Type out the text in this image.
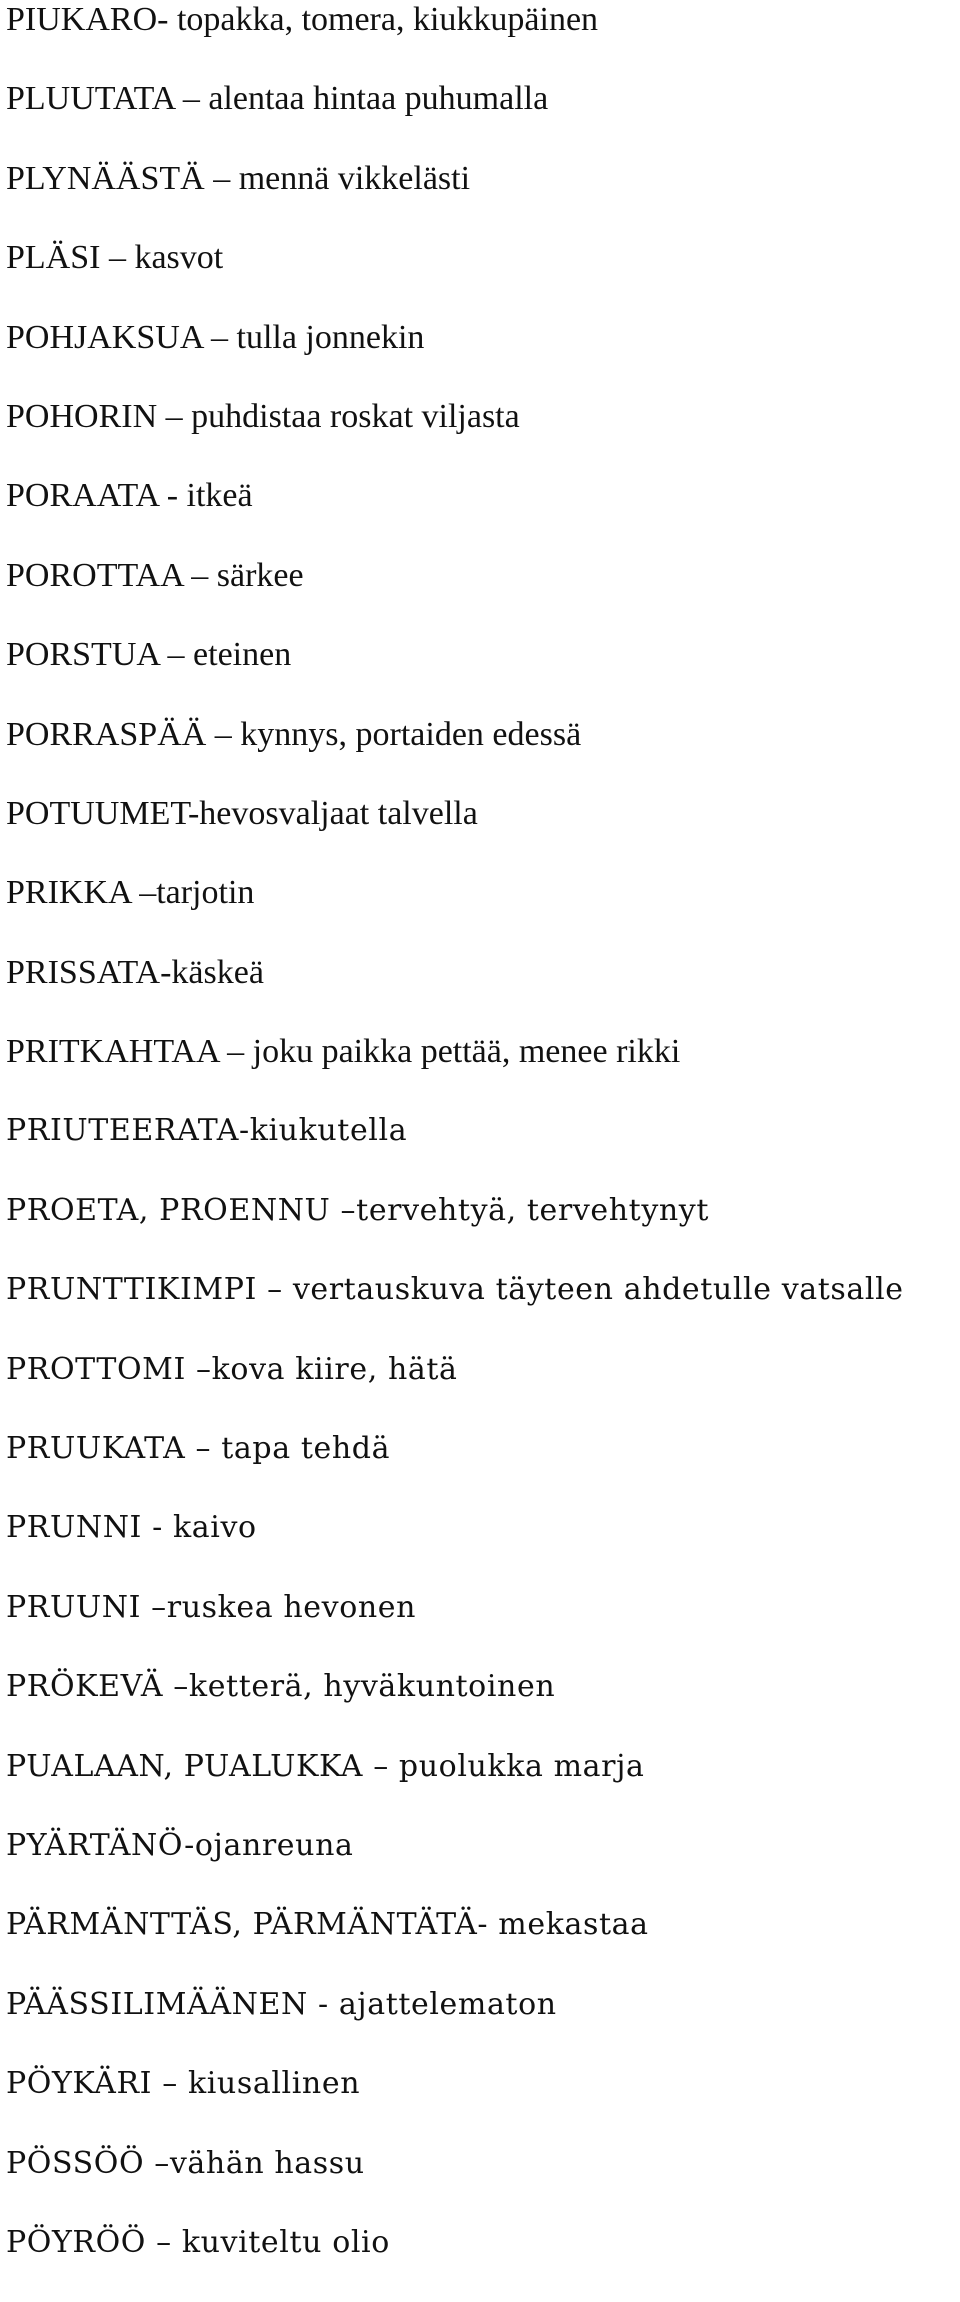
PIUKARO- topakka, tomera, kiukkupäinen
PLUUTATA – alentaa hintaa puhumalla
PLYNÄÄSTÄ – mennä vikkelästi
PLÄSI – kasvot
POHJAKSUA – tulla jonnekin
POHORIN – puhdistaa roskat viljasta
PORAATA - itkeä
POROTTAA – särkee
PORSTUA – eteinen
PORRASPÄÄ – kynnys, portaiden edessä
POTUUMET-hevosvaljaat talvella
PRIKKA –tarjotin
PRISSATA-käskeä
PRITKAHTAA – joku paikka pettää, menee rikki
PRIUTEERATA-kiukutella
PROETA, PROENNU –tervehtyä, tervehtynyt
PRUNTTIKIMPI – vertauskuva täyteen ahdetulle vatsalle
PROTTOMI –kova kiire, hätä
PRUUKATA – tapa tehdä
PRUNNI - kaivo
PRUUNI –ruskea hevonen
PRÖKEVÄ –ketterä, hyväkuntoinen
PUALAAN, PUALUKKA – puolukka marja
PYÄRTÄNÖ-ojanreuna
PÄRMÄNTTÄS, PÄRMÄNTÄTÄ- mekastaa
PÄÄSSILIMÄÄNEN - ajattelematon
PÖYKÄRI – kiusallinen
PÖSSÖÖ –vähän hassu
PÖYRÖÖ – kuviteltu olio
